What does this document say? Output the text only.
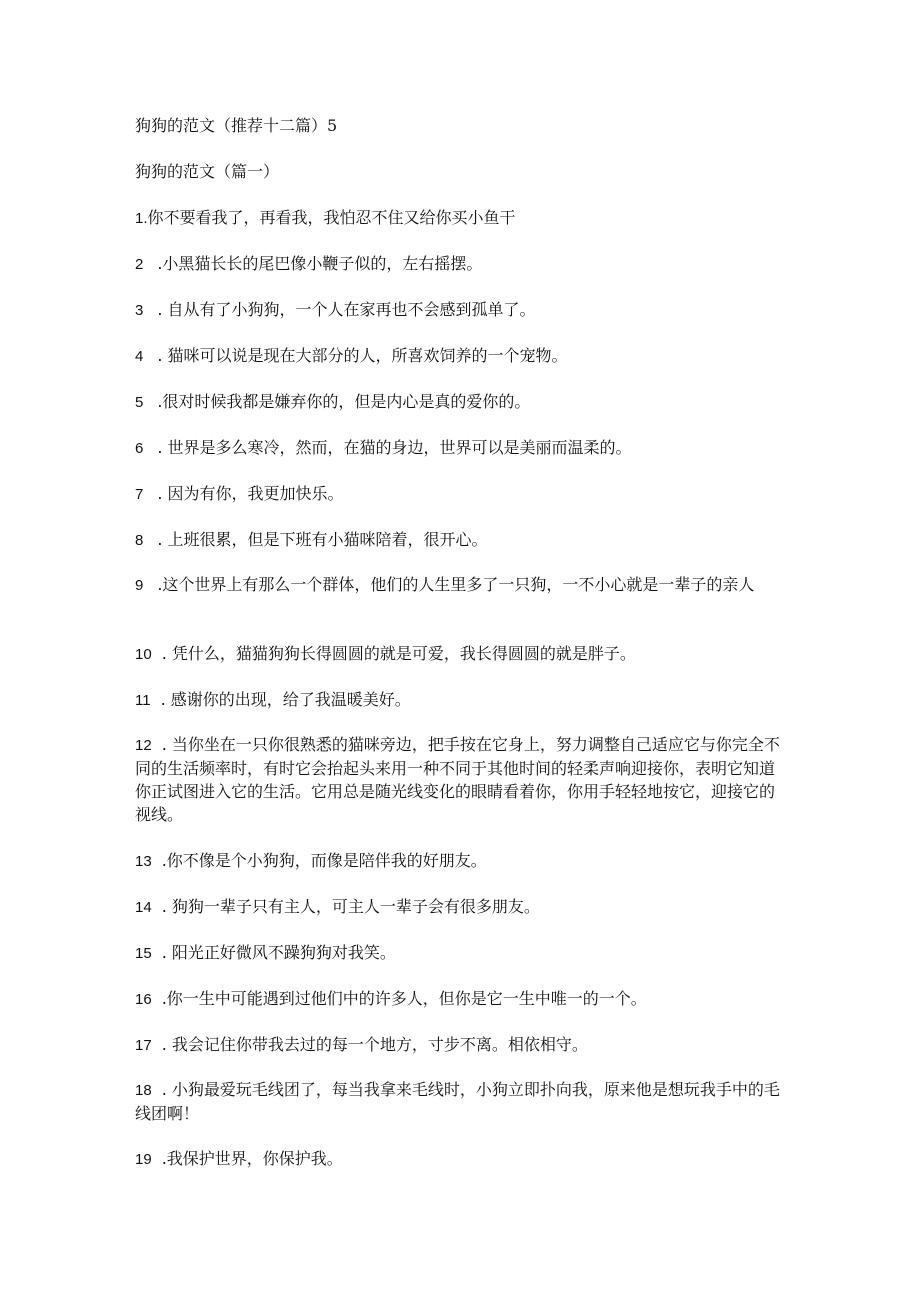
狗狗的范文（推荐十二篇）5
狗狗的范文（篇一）
1.你不要看我了，再看我，我怕忍不住又给你买小鱼干
2 .小黑猫长长的尾巴像小鞭子似的，左右摇摆。
3 . 自从有了小狗狗，一个人在家再也不会感到孤单了。
4 . 猫咪可以说是现在大部分的人，所喜欢饲养的一个宠物。
5 .很对时候我都是嫌弃你的，但是内心是真的爱你的。
6 . 世界是多么寒冷，然而，在猫的身边，世界可以是美丽而温柔的。
7 . 因为有你，我更加快乐。
8 . 上班很累，但是下班有小猫咪陪着，很开心。
9 .这个世界上有那么一个群体，他们的人生里多了一只狗，一不小心就是一辈子的亲人
10 . 凭什么，猫猫狗狗长得圆圆的就是可爱，我长得圆圆的就是胖子。
11 . 感谢你的出现，给了我温暖美好。
12 . 当你坐在一只你很熟悉的猫咪旁边，把手按在它身上，努力调整自己适应它与你完全不同的生活频率时，有时它会抬起头来用一种不同于其他时间的轻柔声响迎接你，表明它知道你正试图进入它的生活。它用总是随光线变化的眼睛看着你，你用手轻轻地按它，迎接它的视线。
13 .你不像是个小狗狗，而像是陪伴我的好朋友。
14 . 狗狗一辈子只有主人，可主人一辈子会有很多朋友。
15 . 阳光正好微风不躁狗狗对我笑。
16 .你一生中可能遇到过他们中的许多人，但你是它一生中唯一的一个。
17 . 我会记住你带我去过的每一个地方，寸步不离。相依相守。
18 . 小狗最爱玩毛线团了，每当我拿来毛线时，小狗立即扑向我，原来他是想玩我手中的毛线团啊！
19 .我保护世界，你保护我。
